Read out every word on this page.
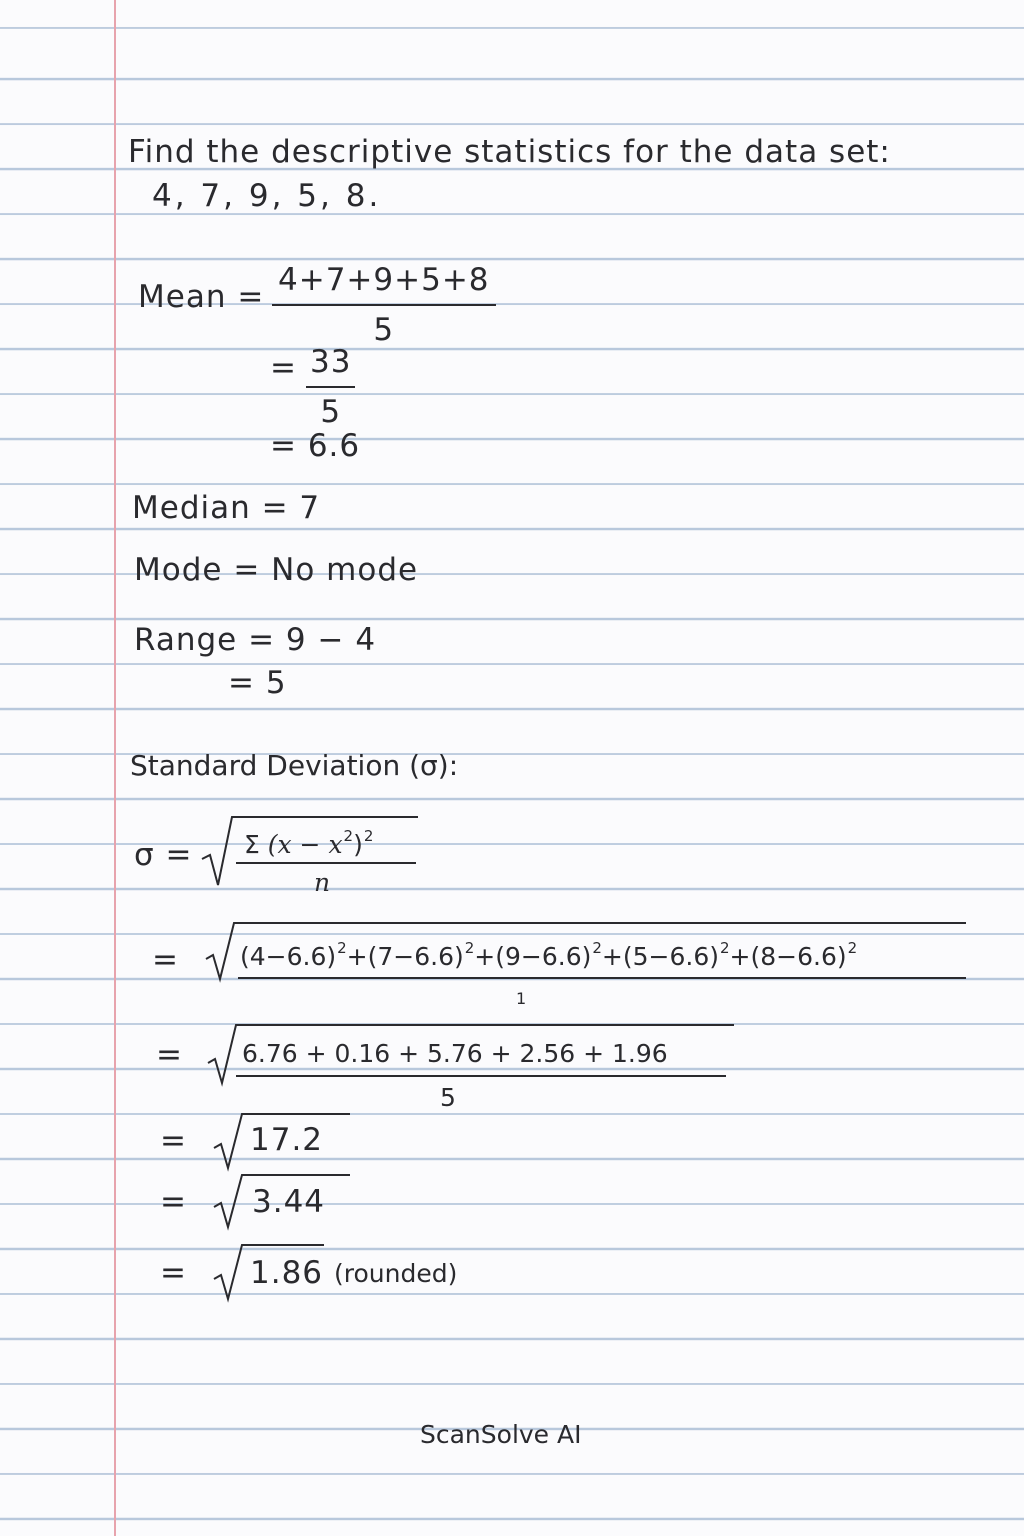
Find the descriptive statistics for the data set:
4, 7, 9, 5, 8.
Mean = $\frac{4+7+9+5+8}{5}$
= $\frac{33}{5}$
= 6.6
Median = 7
Mode = No mode
Range = 9 − 4
= 5
Standard Deviation (σ):
σ = Σ $(x - x^2)^2$
n
= $(4-6.6)^2+(7-6.6)^2+(9-6.6)^2+(5-6.6)^2+(8-6.6)^2$
1
= 6.76 + 0.16 + 5.76 + 2.56 + 1.96
5
= 17.2
= 3.44
= 1.86 (rounded)
ScanSolve AI
